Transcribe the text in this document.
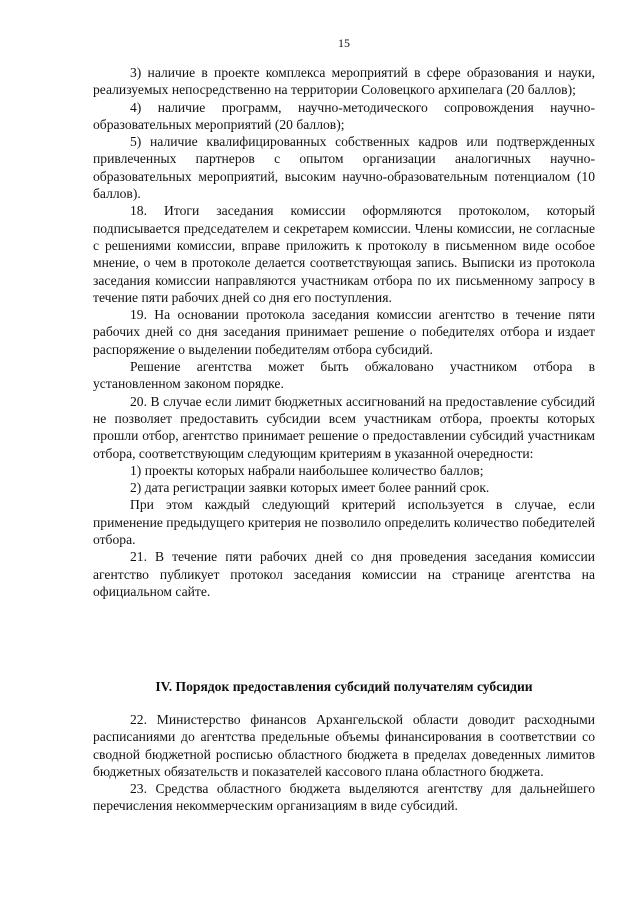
15

3) наличие в проекте комплекса мероприятий в сфере образования и науки, реализуемых непосредственно на территории Соловецкого архипелага (20 баллов);

4) наличие программ, научно-методического сопровождения научно-образовательных мероприятий (20 баллов);

5) наличие квалифицированных собственных кадров или подтвержденных привлеченных партнеров с опытом организации аналогичных научно-образовательных мероприятий, высоким научно-образовательным потенциалом (10 баллов).

18. Итоги заседания комиссии оформляются протоколом, который подписывается председателем и секретарем комиссии. Члены комиссии, не согласные с решениями комиссии, вправе приложить к протоколу в письменном виде особое мнение, о чем в протоколе делается соответствующая запись. Выписки из протокола заседания комиссии направляются участникам отбора по их письменному запросу в течение пяти рабочих дней со дня его поступления.

19. На основании протокола заседания комиссии агентство в течение пяти рабочих дней со дня заседания принимает решение о победителях отбора и издает распоряжение о выделении победителям отбора субсидий.

Решение агентства может быть обжаловано участником отбора в установленном законом порядке.

20. В случае если лимит бюджетных ассигнований на предоставление субсидий не позволяет предоставить субсидии всем участникам отбора, проекты которых прошли отбор, агентство принимает решение о предоставлении субсидий участникам отбора, соответствующим следующим критериям в указанной очередности:

1) проекты которых набрали наибольшее количество баллов;

2) дата регистрации заявки которых имеет более ранний срок.

При этом каждый следующий критерий используется в случае, если применение предыдущего критерия не позволило определить количество победителей отбора.

21. В течение пяти рабочих дней со дня проведения заседания комиссии агентство публикует протокол заседания комиссии на странице агентства на официальном сайте.

IV. Порядок предоставления субсидий получателям субсидии

22. Министерство финансов Архангельской области доводит расходными расписаниями до агентства предельные объемы финансирования в соответствии со сводной бюджетной росписью областного бюджета в пределах доведенных лимитов бюджетных обязательств и показателей кассового плана областного бюджета.

23. Средства областного бюджета выделяются агентству для дальнейшего перечисления некоммерческим организациям в виде субсидий.
